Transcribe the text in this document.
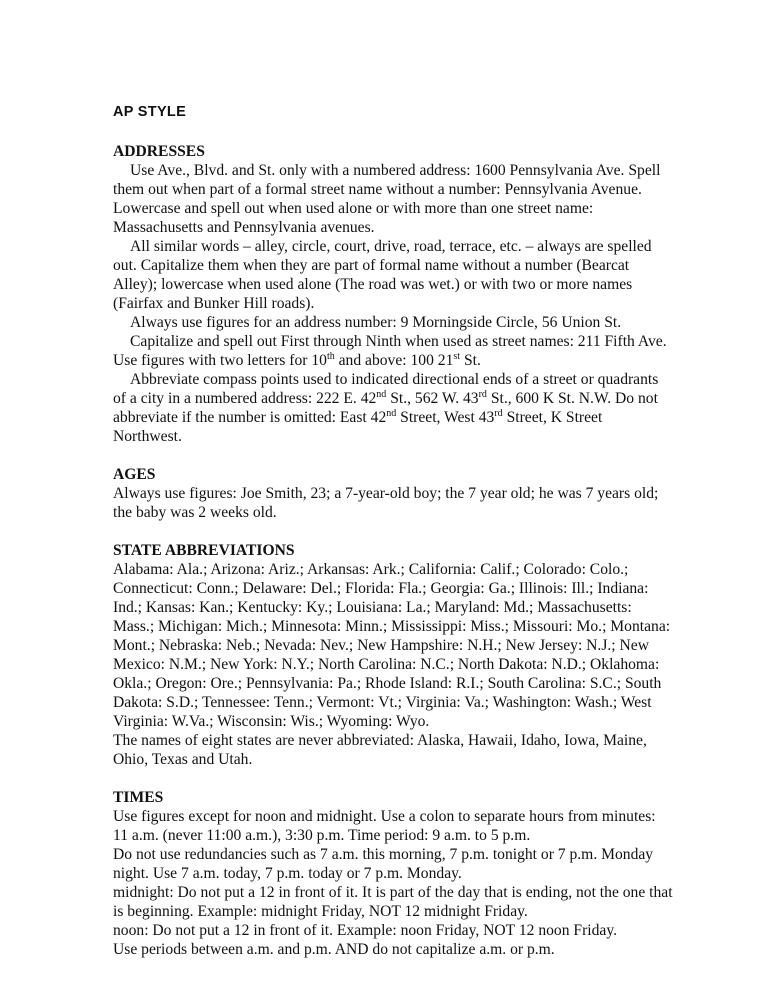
AP STYLE
ADDRESSES
Use Ave., Blvd. and St. only with a numbered address: 1600 Pennsylvania Ave. Spell
them out when part of a formal street name without a number: Pennsylvania Avenue.
Lowercase and spell out when used alone or with more than one street name:
Massachusetts and Pennsylvania avenues.
All similar words – alley, circle, court, drive, road, terrace, etc. – always are spelled
out. Capitalize them when they are part of formal name without a number (Bearcat
Alley); lowercase when used alone (The road was wet.) or with two or more names
(Fairfax and Bunker Hill roads).
Always use figures for an address number: 9 Morningside Circle, 56 Union St.
Capitalize and spell out First through Ninth when used as street names: 211 Fifth Ave.
Use figures with two letters for 10th and above: 100 21st St.
Abbreviate compass points used to indicated directional ends of a street or quadrants
of a city in a numbered address: 222 E. 42nd St., 562 W. 43rd St., 600 K St. N.W. Do not
abbreviate if the number is omitted: East 42nd Street, West 43rd Street, K Street
Northwest.
AGES
Always use figures: Joe Smith, 23; a 7-year-old boy; the 7 year old; he was 7 years old;
the baby was 2 weeks old.
STATE ABBREVIATIONS
Alabama: Ala.; Arizona: Ariz.; Arkansas: Ark.; California: Calif.; Colorado: Colo.;
Connecticut: Conn.; Delaware: Del.; Florida: Fla.; Georgia: Ga.; Illinois: Ill.; Indiana:
Ind.; Kansas: Kan.; Kentucky: Ky.; Louisiana: La.; Maryland: Md.; Massachusetts:
Mass.; Michigan: Mich.; Minnesota: Minn.; Mississippi: Miss.; Missouri: Mo.; Montana:
Mont.; Nebraska: Neb.; Nevada: Nev.; New Hampshire: N.H.; New Jersey: N.J.; New
Mexico: N.M.; New York: N.Y.; North Carolina: N.C.; North Dakota: N.D.; Oklahoma:
Okla.; Oregon: Ore.; Pennsylvania: Pa.; Rhode Island: R.I.; South Carolina: S.C.; South
Dakota: S.D.; Tennessee: Tenn.; Vermont: Vt.; Virginia: Va.; Washington: Wash.; West
Virginia: W.Va.; Wisconsin: Wis.; Wyoming: Wyo.
The names of eight states are never abbreviated: Alaska, Hawaii, Idaho, Iowa, Maine,
Ohio, Texas and Utah.
TIMES
Use figures except for noon and midnight. Use a colon to separate hours from minutes:
11 a.m. (never 11:00 a.m.), 3:30 p.m. Time period: 9 a.m. to 5 p.m.
Do not use redundancies such as 7 a.m. this morning, 7 p.m. tonight or 7 p.m. Monday
night. Use 7 a.m. today, 7 p.m. today or 7 p.m. Monday.
midnight: Do not put a 12 in front of it. It is part of the day that is ending, not the one that
is beginning. Example: midnight Friday, NOT 12 midnight Friday.
noon: Do not put a 12 in front of it. Example: noon Friday, NOT 12 noon Friday.
Use periods between a.m. and p.m. AND do not capitalize a.m. or p.m.
